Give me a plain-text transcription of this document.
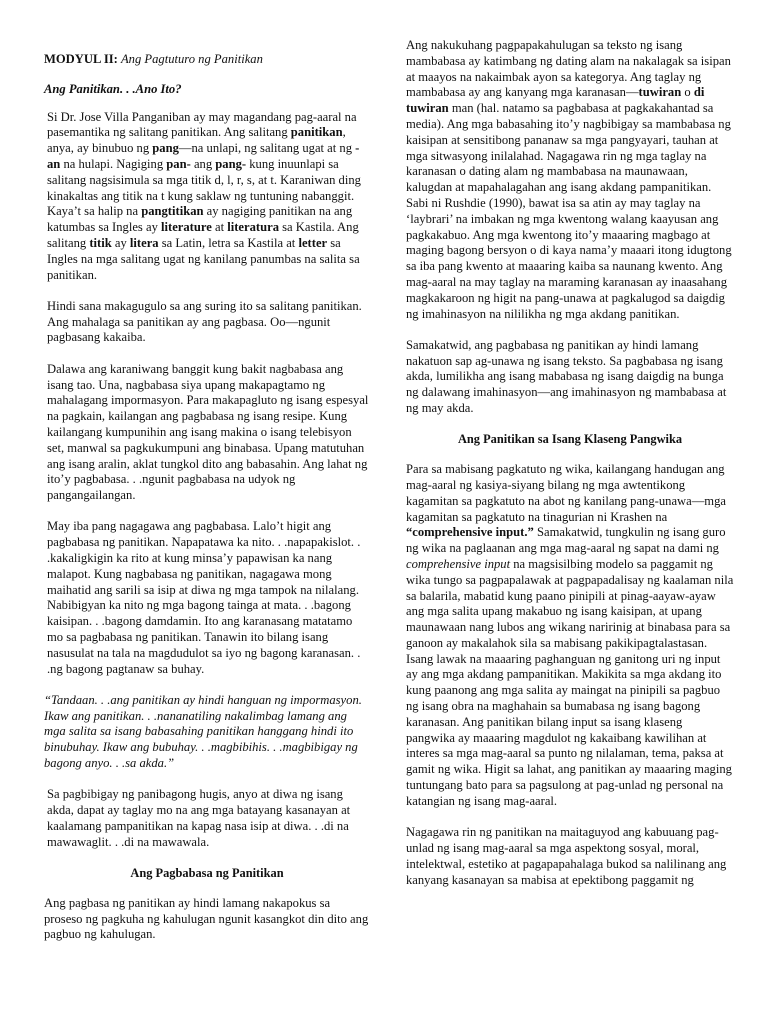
MODYUL II: Ang Pagtuturo ng Panitikan

Ang Panitikan. . .Ano Ito?

Si Dr. Jose Villa Panganiban ay may magandang pag-aaral na pasemantika ng salitang panitikan. Ang salitang panitikan, anya, ay binubuo ng pang—na unlapi, ng salitang ugat at ng -an na hulapi. Nagiging pan- ang pang- kung inuunlapi sa salitang nagsisimula sa mga titik d, l, r, s, at t. Karaniwan ding kinakaltas ang titik na t kung saklaw ng tuntuning nabanggit. Kaya’t sa halip na pangtitikan ay nagiging panitikan na ang katumbas sa Ingles ay literature at literatura sa Kastila. Ang salitang titik ay litera sa Latin, letra sa Kastila at letter sa Ingles na mga salitang ugat ng kanilang panumbas na salita sa panitikan.

Hindi sana makagugulo sa ang suring ito sa salitang panitikan. Ang mahalaga sa panitikan ay ang pagbasa. Oo—ngunit pagbasang kakaiba.

Dalawa ang karaniwang banggit kung bakit nagbabasa ang isang tao. Una, nagbabasa siya upang makapagtamo ng mahalagang impormasyon. Para makapagluto ng isang espesyal na pagkain, kailangan ang pagbabasa ng isang resipe. Kung kailangang kumpunihin ang isang makina o isang telebisyon set, manwal sa pagkukumpuni ang binabasa. Upang matutuhan ang isang aralin, aklat tungkol dito ang babasahin. Ang lahat ng ito’y pagbabasa. . .ngunit pagbabasa na udyok ng pangangailangan.

May iba pang nagagawa ang pagbabasa. Lalo’t higit ang pagbabasa ng panitikan. Napapatawa ka nito. . .napapakislot. . .kakaligkigin ka rito at kung minsa’y papawisan ka nang malapot. Kung nagbabasa ng panitikan, nagagawa mong maihatid ang sarili sa isip at diwa ng mga tampok na nilalang. Nabibigyan ka nito ng mga bagong tainga at mata. . .bagong kaisipan. . .bagong damdamin. Ito ang karanasang matatamo mo sa pagbabasa ng panitikan. Tanawin ito bilang isang nasusulat na tala na magdudulot sa iyo ng bagong karanasan. . .ng bagong pagtanaw sa buhay.

“Tandaan. . .ang panitikan ay hindi hanguan ng impormasyon. Ikaw ang panitikan. . .nananatiling nakalimbag lamang ang mga salita sa isang babasahing panitikan hanggang hindi ito binubuhay. Ikaw ang bubuhay. . .magbibihis. . .magbibigay ng bagong anyo. . .sa akda.”

Sa pagbibigay ng panibagong hugis, anyo at diwa ng isang akda, dapat ay taglay mo na ang mga batayang kasanayan at kaalamang pampanitikan na kapag nasa isip at diwa. . .di na mawawaglit. . .di na mawawala.

Ang Pagbabasa ng Panitikan

Ang pagbasa ng panitikan ay hindi lamang nakapokus sa proseso ng pagkuha ng kahulugan ngunit kasangkot din dito ang pagbuo ng kahulugan.

Ang nakukuhang pagpapakahulugan sa teksto ng isang mambabasa ay katimbang ng dating alam na nakalagak sa isipan at maayos na nakaimbak ayon sa kategorya. Ang taglay ng mambabasa ay ang kanyang mga karanasan—tuwiran o di tuwiran man (hal. natamo sa pagbabasa at pagkakahantad sa media). Ang mga babasahing ito’y nagbibigay sa mambabasa ng kaisipan at sensitibong pananaw sa mga pangyayari, tauhan at mga sitwasyong inilalahad. Nagagawa rin ng mga taglay na karanasan o dating alam ng mambabasa na maunawaan, kalugdan at mapahalagahan ang isang akdang pampanitikan. Sabi ni Rushdie (1990), bawat isa sa atin ay may taglay na ‘laybrari’ na imbakan ng mga kwentong walang kaayusan ang pagkakabuo. Ang mga kwentong ito’y maaaring magbago at maging bagong bersyon o di kaya nama’y maaari itong idugtong sa iba pang kwento at maaaring kaiba sa naunang kwento. Ang mag-aaral na may taglay na maraming karanasan ay inaasahang magkakaroon ng higit na pang-unawa at pagkalugod sa daigdig ng imahinasyon na nililikha ng mga akdang panitikan.

Samakatwid, ang pagbabasa ng panitikan ay hindi lamang nakatuon sap ag-unawa ng isang teksto. Sa pagbabasa ng isang akda, lumilikha ang isang mababasa ng isang daigdig na bunga ng dalawang imahinasyon—ang imahinasyon ng mambabasa at ng may akda.

Ang Panitikan sa Isang Klaseng Pangwika

Para sa mabisang pagkatuto ng wika, kailangang handugan ang mag-aaral ng kasiya-siyang bilang ng mga awtentikong kagamitan sa pagkatuto na abot ng kanilang pang-unawa—mga kagamitan sa pagkatuto na tinagurian ni Krashen na “comprehensive input.” Samakatwid, tungkulin ng isang guro ng wika na paglaanan ang mga mag-aaral ng sapat na dami ng comprehensive input na magsisilbing modelo sa paggamit ng wika tungo sa pagpapalawak at pagpapadalisay ng kaalaman nila sa balarila, mabatid kung paano pinipili at pinag-aayaw-ayaw ang mga salita upang makabuo ng isang kaisipan, at upang maunawaan nang lubos ang wikang naririnig at binabasa para sa ganoon ay makalahok sila sa mabisang pakikipagtalastasan. Isang lawak na maaaring paghanguan ng ganitong uri ng input ay ang mga akdang pampanitikan. Makikita sa mga akdang ito kung paanong ang mga salita ay maingat na pinipili sa pagbuo ng isang obra na maghahain sa bumabasa ng isang bagong karanasan. Ang panitikan bilang input sa isang klaseng pangwika ay maaaring magdulot ng kakaibang kawilihan at interes sa mga mag-aaral sa punto ng nilalaman, tema, paksa at gamit ng wika. Higit sa lahat, ang panitikan ay maaaring maging tuntungang bato para sa pagsulong at pag-unlad ng personal na katangian ng isang mag-aaral.

Nagagawa rin ng panitikan na maitaguyod ang kabuuang pag-unlad ng isang mag-aaral sa mga aspektong sosyal, moral, intelektwal, estetiko at pagapapahalaga bukod sa nalilinang ang kanyang kasanayan sa mabisa at epektibong paggamit ng
